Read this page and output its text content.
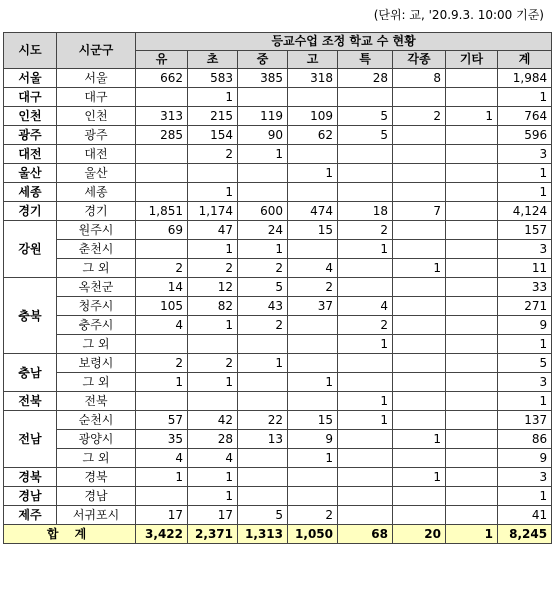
(단위: 교, '20.9.3. 10:00 기준)
시도	시군구	등교수업 조정 학교 수 현황							
		유	초	중	고	특	각종	기타	계
서울	서울	662	583	385	318	28	8		1,984
대구	대구		1						1
인천	인천	313	215	119	109	5	2	1	764
광주	광주	285	154	90	62	5			596
대전	대전		2	1					3
울산	울산				1				1
세종	세종		1						1
경기	경기	1,851	1,174	600	474	18	7		4,124
강원	원주시	69	47	24	15	2			157
	춘천시		1	1		1			3
	그 외	2	2	2	4		1		11
충북	옥천군	14	12	5	2				33
	청주시	105	82	43	37	4			271
	충주시	4	1	2		2			9
	그 외					1			1
충남	보령시	2	2	1					5
	그 외	1	1		1				3
전북	전북					1			1
전남	순천시	57	42	22	15	1			137
	광양시	35	28	13	9		1		86
	그 외	4	4		1				9
경북	경북	1	1				1		3
경남	경남		1						1
제주	서귀포시	17	17	5	2				41
합 계		3,422	2,371	1,313	1,050	68	20	1	8,245
